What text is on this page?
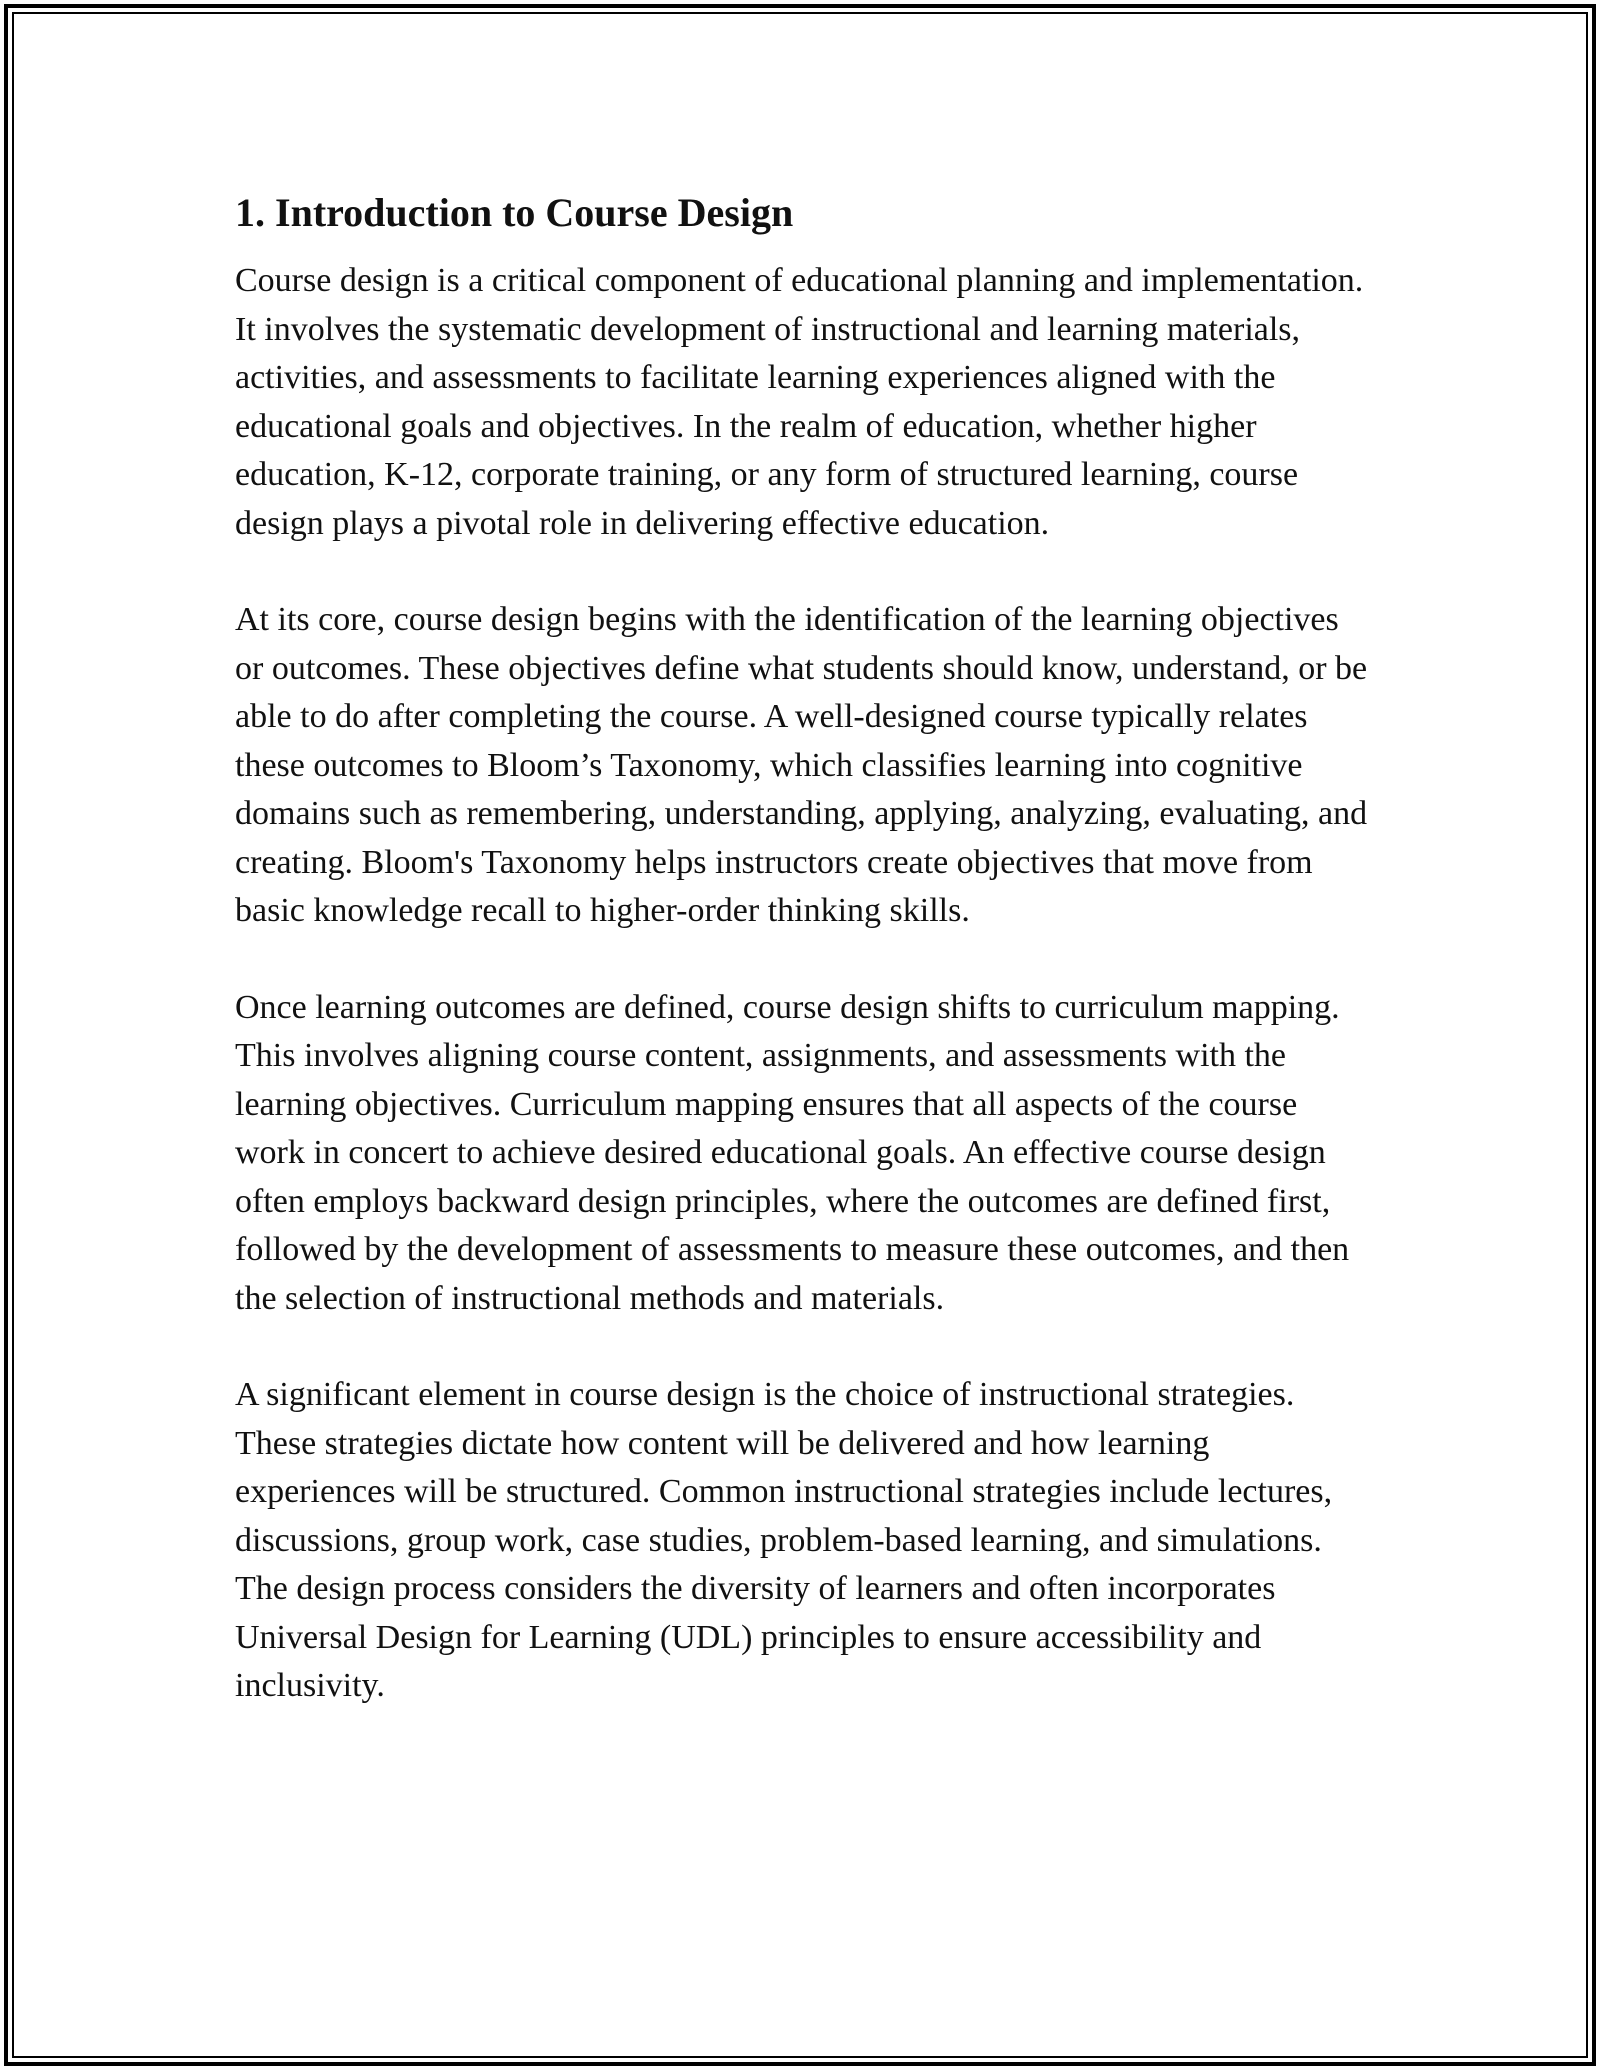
1. Introduction to Course Design

Course design is a critical component of educational planning and implementation. It involves the systematic development of instructional and learning materials, activities, and assessments to facilitate learning experiences aligned with the educational goals and objectives. In the realm of education, whether higher education, K-12, corporate training, or any form of structured learning, course design plays a pivotal role in delivering effective education.

At its core, course design begins with the identification of the learning objectives or outcomes. These objectives define what students should know, understand, or be able to do after completing the course. A well-designed course typically relates these outcomes to Bloom’s Taxonomy, which classifies learning into cognitive domains such as remembering, understanding, applying, analyzing, evaluating, and creating. Bloom's Taxonomy helps instructors create objectives that move from basic knowledge recall to higher-order thinking skills.

Once learning outcomes are defined, course design shifts to curriculum mapping. This involves aligning course content, assignments, and assessments with the learning objectives. Curriculum mapping ensures that all aspects of the course work in concert to achieve desired educational goals. An effective course design often employs backward design principles, where the outcomes are defined first, followed by the development of assessments to measure these outcomes, and then the selection of instructional methods and materials.

A significant element in course design is the choice of instructional strategies. These strategies dictate how content will be delivered and how learning experiences will be structured. Common instructional strategies include lectures, discussions, group work, case studies, problem-based learning, and simulations. The design process considers the diversity of learners and often incorporates Universal Design for Learning (UDL) principles to ensure accessibility and inclusivity.
